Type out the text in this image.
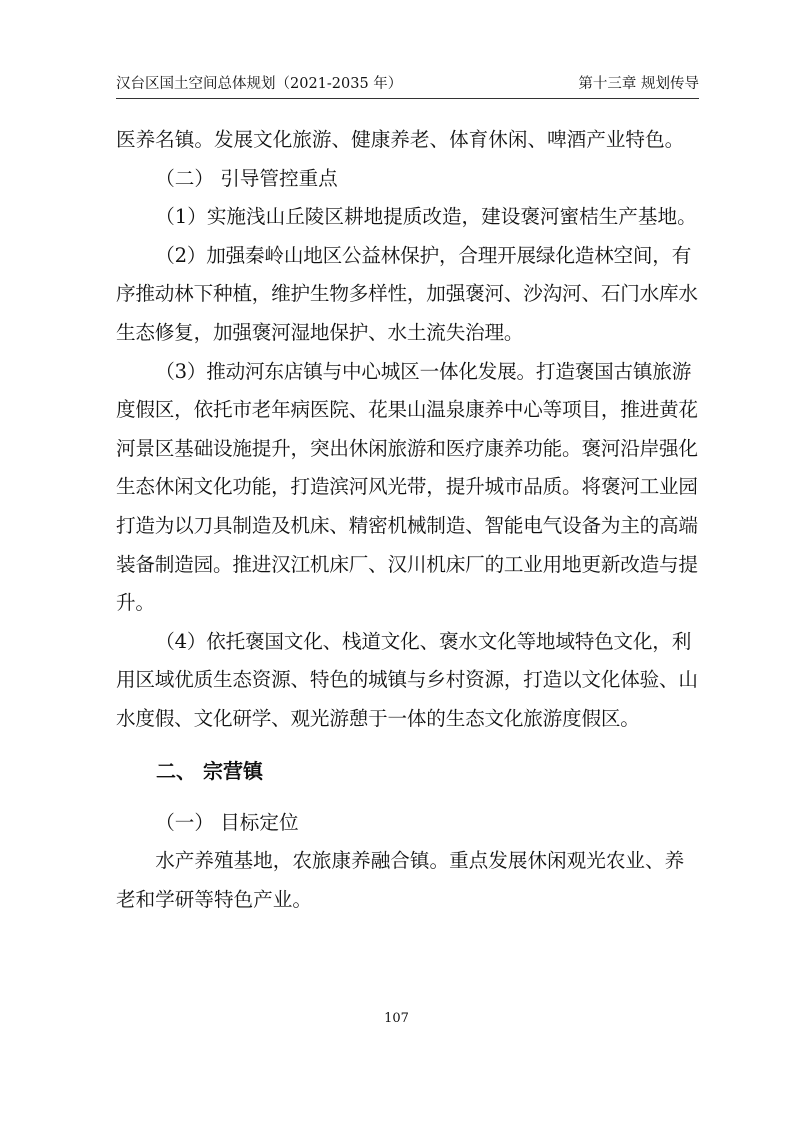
汉台区国土空间总体规划（2021-2035 年）	第十三章 规划传导

医养名镇。发展文化旅游、健康养老、体育休闲、啤酒产业特色。

（二） 引导管控重点

（1）实施浅山丘陵区耕地提质改造，建设褒河蜜桔生产基地。

（2）加强秦岭山地区公益林保护，合理开展绿化造林空间，有序推动林下种植，维护生物多样性，加强褒河、沙沟河、石门水库水生态修复，加强褒河湿地保护、水土流失治理。

（3）推动河东店镇与中心城区一体化发展。打造褒国古镇旅游度假区，依托市老年病医院、花果山温泉康养中心等项目，推进黄花河景区基础设施提升，突出休闲旅游和医疗康养功能。褒河沿岸强化生态休闲文化功能，打造滨河风光带，提升城市品质。将褒河工业园打造为以刀具制造及机床、精密机械制造、智能电气设备为主的高端装备制造园。推进汉江机床厂、汉川机床厂的工业用地更新改造与提升。

（4）依托褒国文化、栈道文化、褒水文化等地域特色文化，利用区域优质生态资源、特色的城镇与乡村资源，打造以文化体验、山水度假、文化研学、观光游憩于一体的生态文化旅游度假区。

二、 宗营镇

（一） 目标定位

水产养殖基地，农旅康养融合镇。重点发展休闲观光农业、养老和学研等特色产业。

107
